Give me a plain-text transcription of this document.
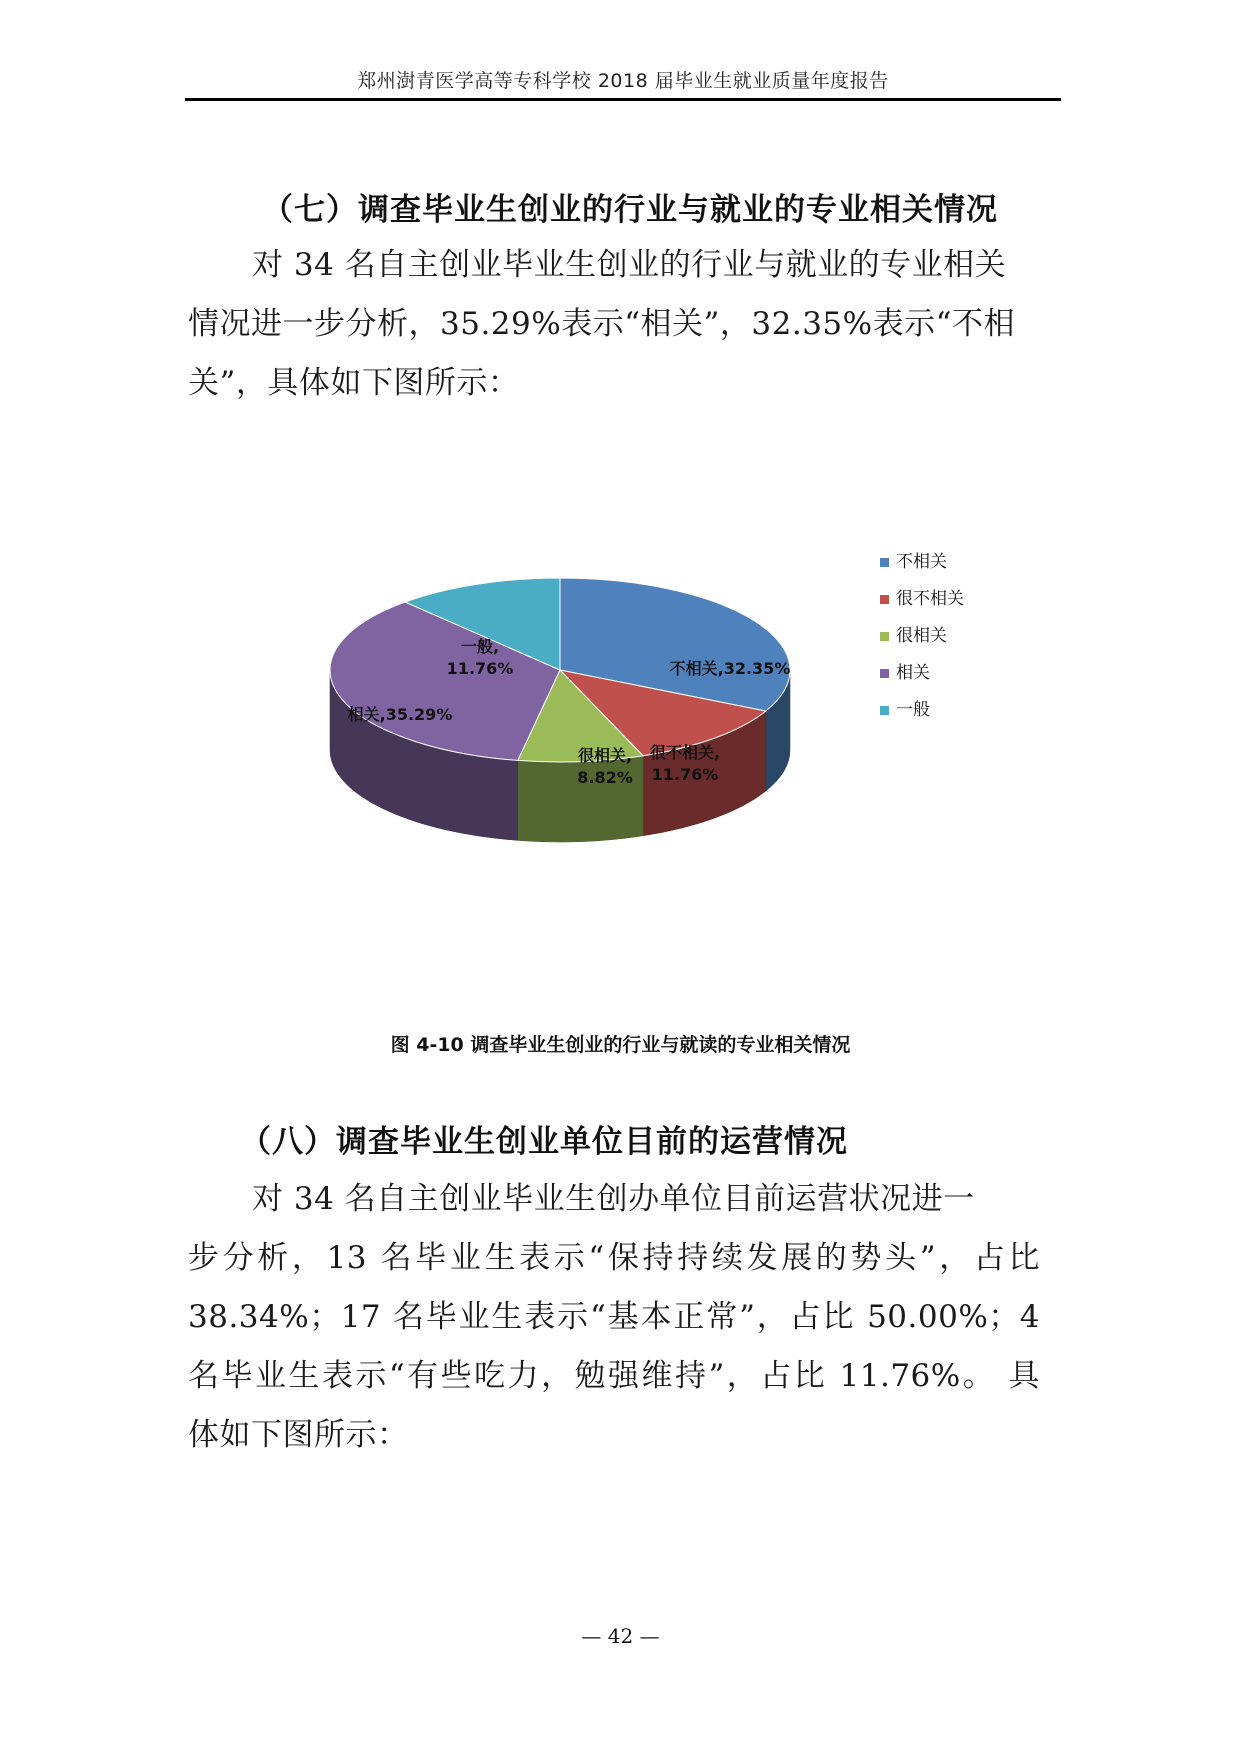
郑州澍青医学高等专科学校 2018 届毕业生就业质量年度报告
（七）调查毕业生创业的行业与就业的专业相关情况
对 34 名自主创业毕业生创业的行业与就业的专业相关
情况进一步分析，35.29%表示“相关”，32.35%表示“不相
关”，具体如下图所示：
不相关,32.35%
很不相关,
11.76%
很相关,
8.82%
相关,35.29%
一般,
11.76%
不相关
很不相关
很相关
相关
一般
图 4-10 调查毕业生创业的行业与就读的专业相关情况
（八）调查毕业生创业单位目前的运营情况
对 34 名自主创业毕业生创办单位目前运营状况进一
步分析，13 名毕业生表示“保持持续发展的势头”，占比
38.34%；17 名毕业生表示“基本正常”，占比 50.00%；4
名毕业生表示“有些吃力，勉强维持”，占比 11.76%。 具
体如下图所示：
— 42 —
